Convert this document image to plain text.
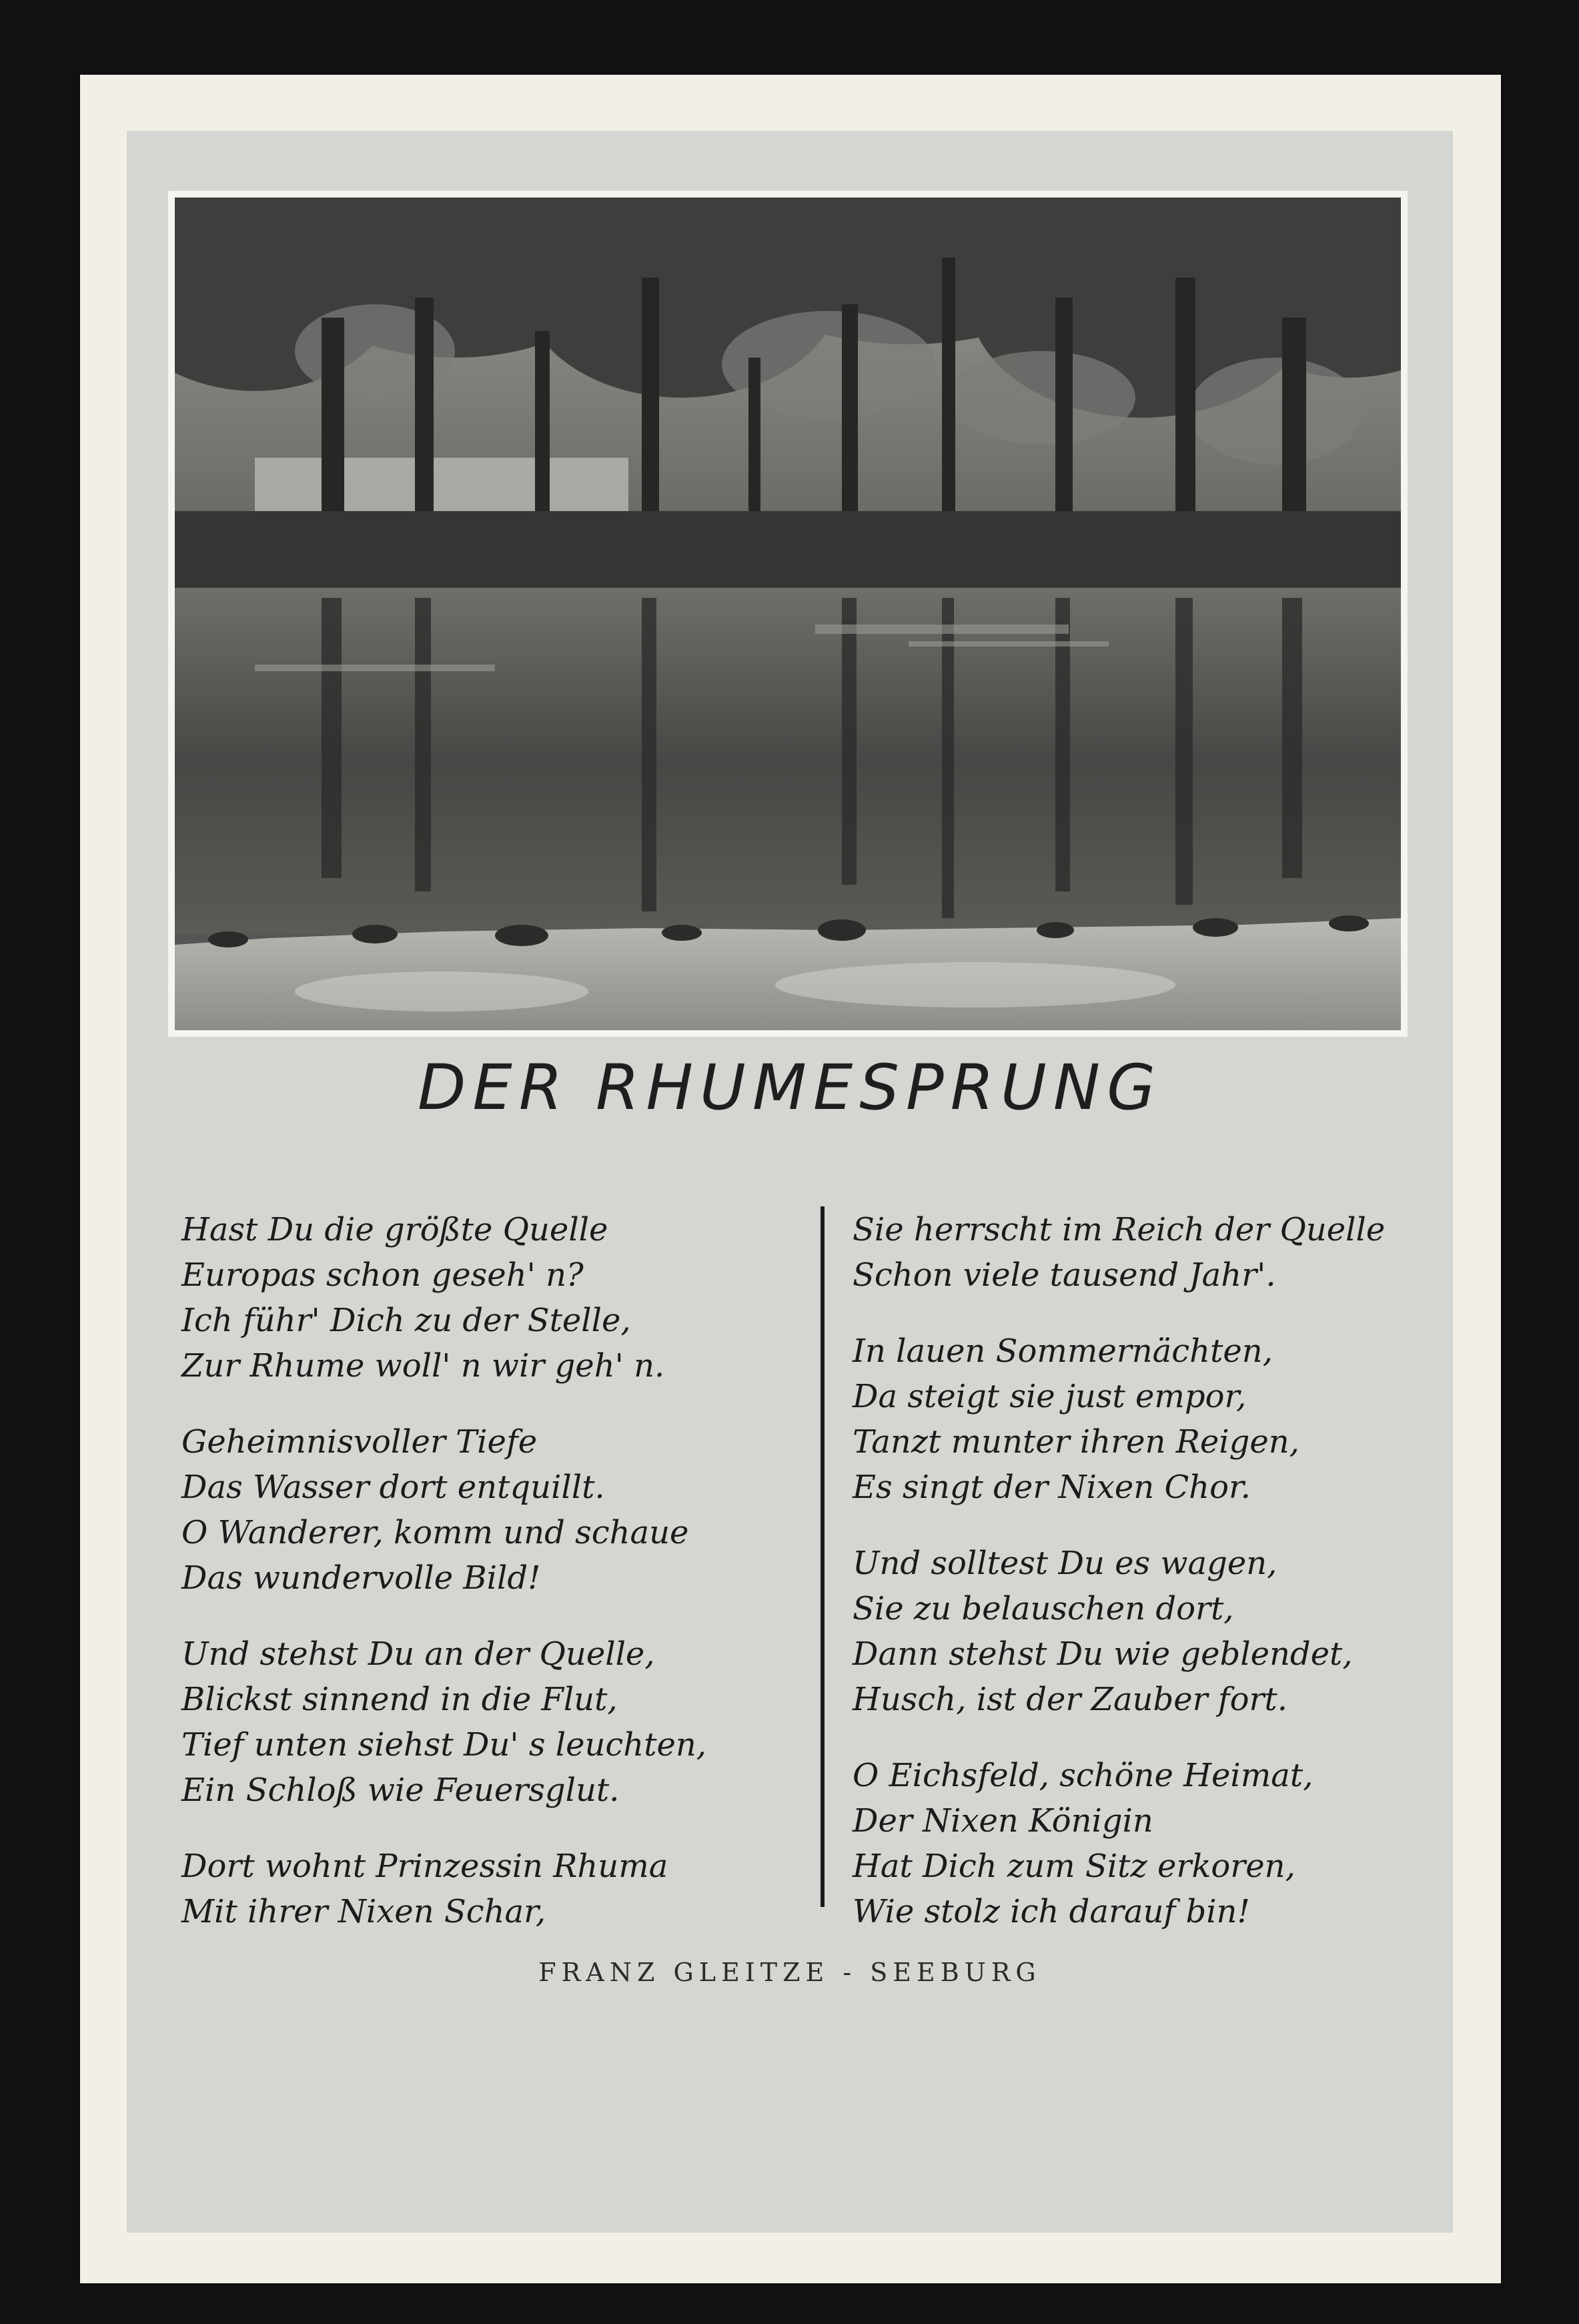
DER RHUMESPRUNG
Hast Du die größte Quelle
Europas schon geseh' n?
Ich führ' Dich zu der Stelle,
Zur Rhume woll' n wir geh' n.
Geheimnisvoller Tiefe
Das Wasser dort entquillt.
O Wanderer, komm und schaue
Das wundervolle Bild!
Und stehst Du an der Quelle,
Blickst sinnend in die Flut,
Tief unten siehst Du' s leuchten,
Ein Schloß wie Feuersglut.
Dort wohnt Prinzessin Rhuma
Mit ihrer Nixen Schar,
Sie herrscht im Reich der Quelle
Schon viele tausend Jahr'.
In lauen Sommernächten,
Da steigt sie just empor,
Tanzt munter ihren Reigen,
Es singt der Nixen Chor.
Und solltest Du es wagen,
Sie zu belauschen dort,
Dann stehst Du wie geblendet,
Husch, ist der Zauber fort.
O Eichsfeld, schöne Heimat,
Der Nixen Königin
Hat Dich zum Sitz erkoren,
Wie stolz ich darauf bin!
FRANZ GLEITZE - SEEBURG
